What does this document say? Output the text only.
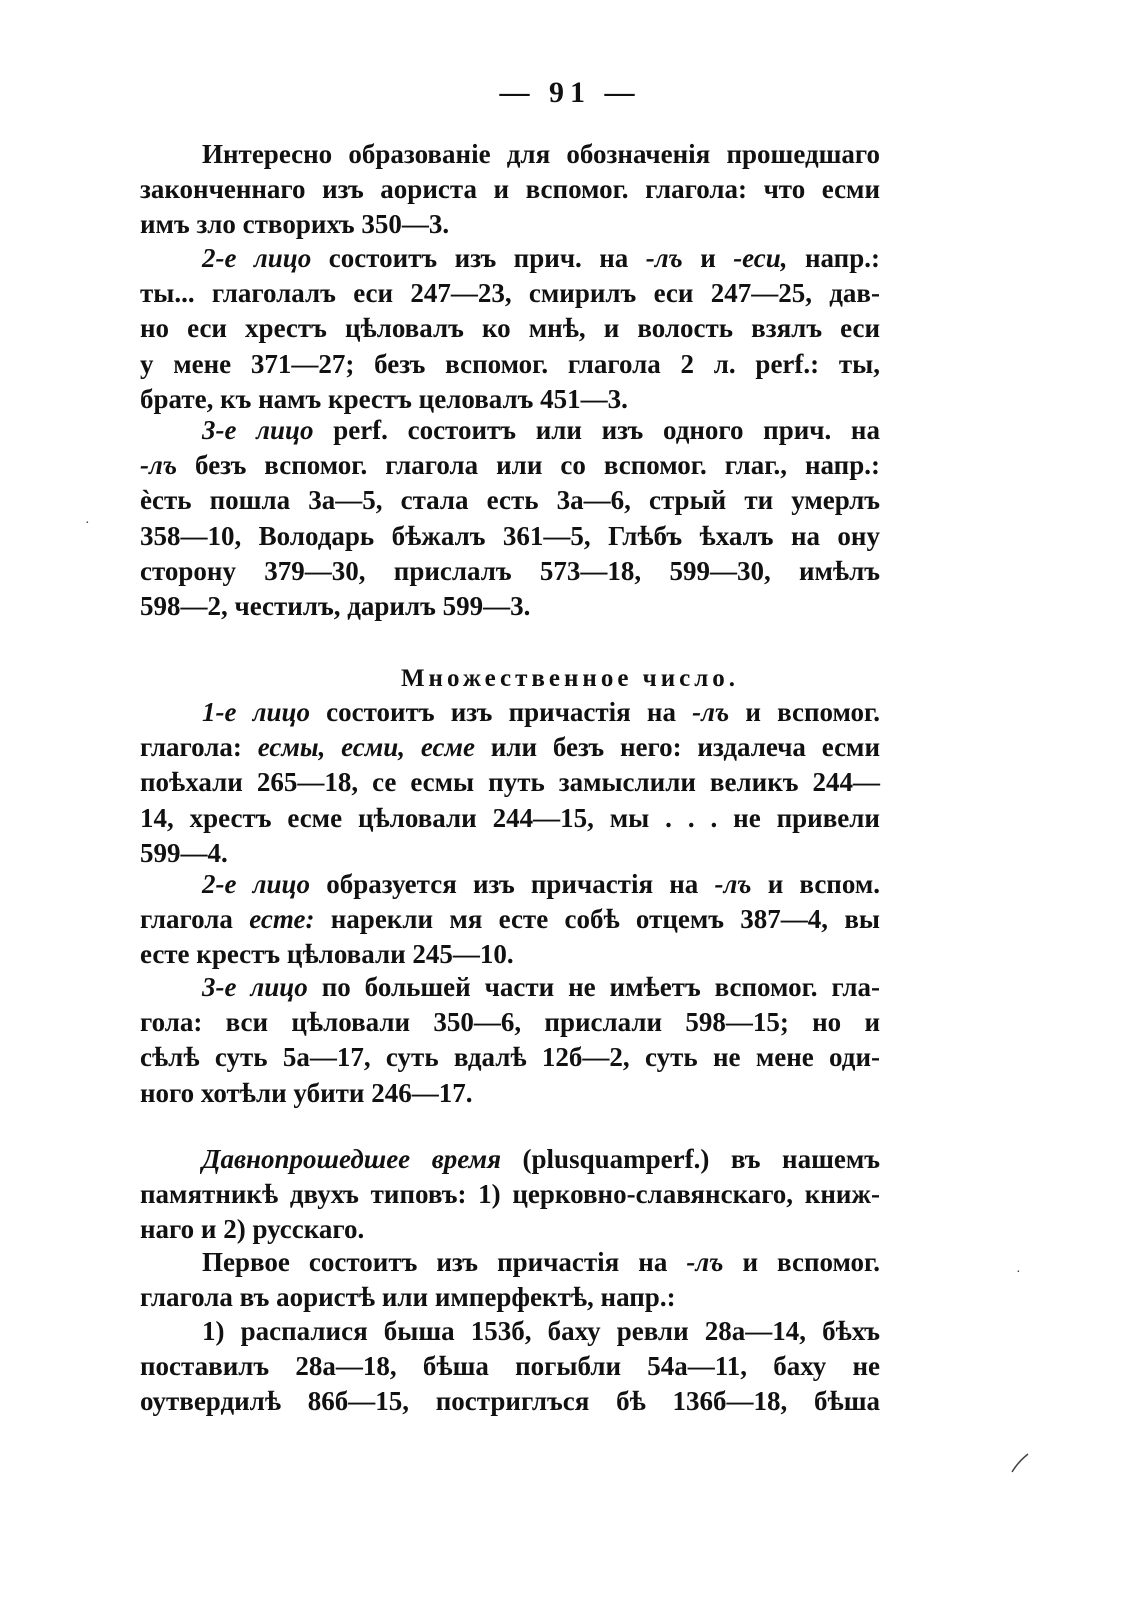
— 91 —
Интересно образованіе для обозначенія прошедшаго
законченнаго изъ аориста и вспомог. глагола: что есми
имъ зло створихъ 350—3.
2-е лицо состоитъ изъ прич. на -лъ и -еси, напр.:
ты... глаголалъ еси 247—23, смирилъ еси 247—25, дав-
но еси хрестъ цѣловалъ ко мнѣ, и волость взялъ еси
у мене 371—27; безъ вспомог. глагола 2 л. perf.: ты,
брате, къ намъ крестъ целовалъ 451—3.
3-е лицо perf. состоитъ или изъ одного прич. на
-лъ безъ вспомог. глагола или со вспомог. глаг., напр.:
ѐсть пошла 3а—5, стала есть 3а—6, стрый ти умерлъ
358—10, Володарь бѣжалъ 361—5, Глѣбъ ѣхалъ на ону
сторону 379—30, прислалъ 573—18, 599—30, имѣлъ
598—2, честилъ, дарилъ 599—3.
Множественное число.
1-е лицо состоитъ изъ причастія на -лъ и вспомог.
глагола: есмы, есми, есме или безъ него: издалеча есми
поѣхали 265—18, се есмы путь замыслили великъ 244—
14, хрестъ есме цѣловали 244—15, мы . . . не привели
599—4.
2-е лицо образуется изъ причастія на -лъ и вспом.
глагола есте: нарекли мя есте собѣ отцемъ 387—4, вы
есте крестъ цѣловали 245—10.
3-е лицо по большей части не имѣетъ вспомог. гла-
гола: вси цѣловали 350—6, прислали 598—15; но и
сѣлѣ суть 5а—17, суть вдалѣ 12б—2, суть не мене оди-
ного хотѣли убити 246—17.
Давнопрошедшее время (plusquamperf.) въ нашемъ
памятникѣ двухъ типовъ: 1) церковно-славянскаго, книж-
наго и 2) русскаго.
Первое состоитъ изъ причастія на -лъ и вспомог.
глагола въ аористѣ или имперфектѣ, напр.:
1) распалися быша 153б, баху ревли 28а—14, бѣхъ
поставилъ 28а—18, бѣша погыбли 54а—11, баху не
оутвердилѣ 86б—15, постриглъся бѣ 136б—18, бѣша
·
·
